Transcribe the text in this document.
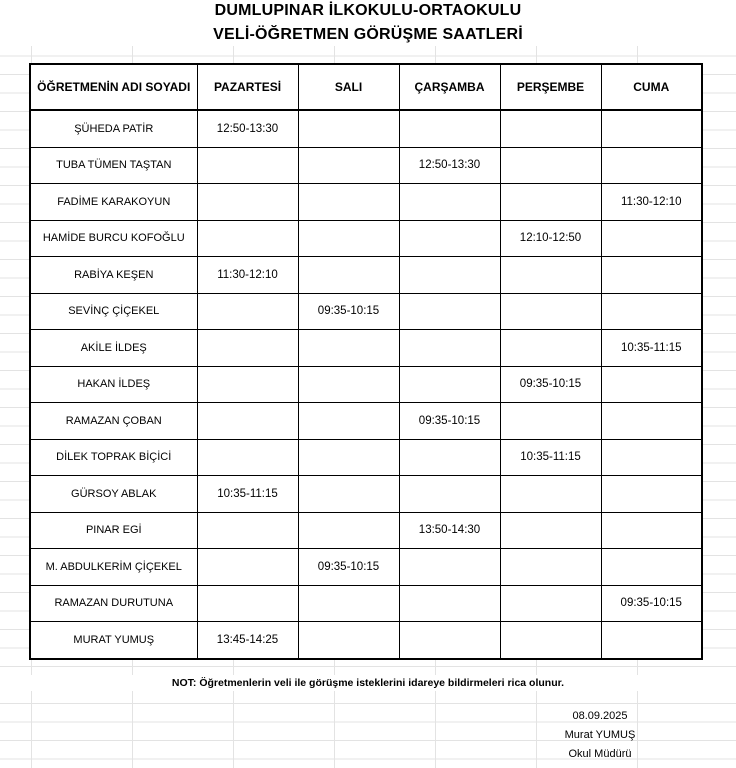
DUMLUPINAR İLKOKULU-ORTAOKULU
VELİ-ÖĞRETMEN GÖRÜŞME SAATLERİ
ÖĞRETMENİN ADI SOYADI	PAZARTESİ	SALI	ÇARŞAMBA	PERŞEMBE	CUMA
ŞÜHEDA PATİR	12:50-13:30				
TUBA TÜMEN TAŞTAN			12:50-13:30		
FADİME KARAKOYUN					11:30-12:10
HAMİDE BURCU KOFOĞLU				12:10-12:50	
RABİYA KEŞEN	11:30-12:10				
SEVİNÇ ÇİÇEKEL		09:35-10:15			
AKİLE İLDEŞ					10:35-11:15
HAKAN İLDEŞ				09:35-10:15	
RAMAZAN ÇOBAN			09:35-10:15		
DİLEK TOPRAK BİÇİCİ				10:35-11:15	
GÜRSOY ABLAK	10:35-11:15				
PINAR EGİ			13:50-14:30		
M. ABDULKERİM ÇİÇEKEL		09:35-10:15			
RAMAZAN DURUTUNA					09:35-10:15
MURAT YUMUŞ	13:45-14:25				
NOT: Öğretmenlerin veli ile görüşme isteklerini idareye bildirmeleri rica olunur.
08.09.2025
Murat YUMUŞ
Okul Müdürü
